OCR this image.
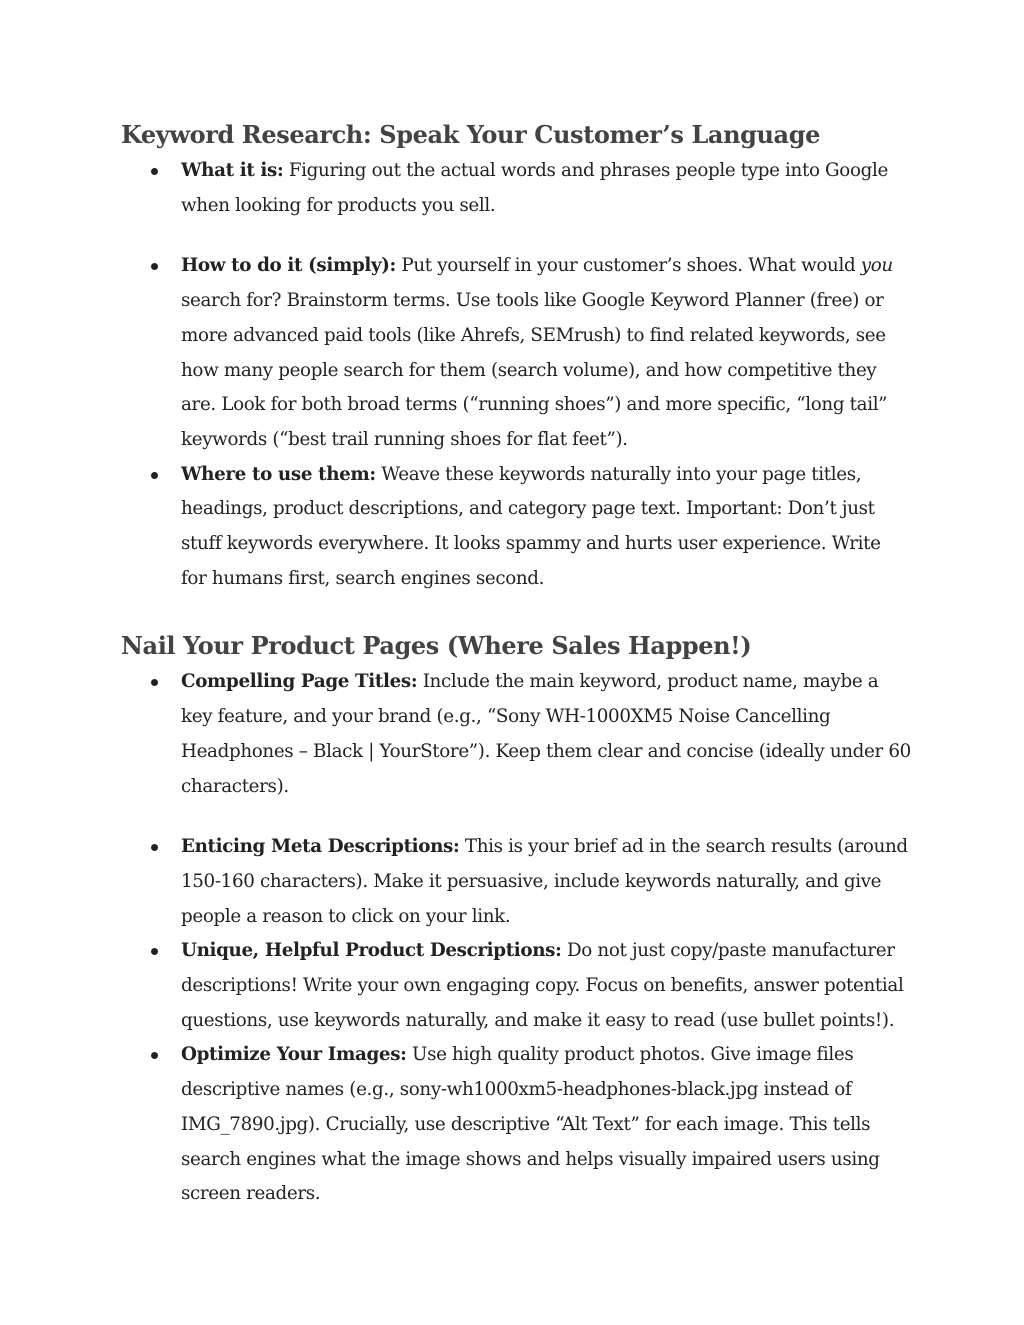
Keyword Research: Speak Your Customer’s Language
What it is: Figuring out the actual words and phrases people type into Google when looking for products you sell.
How to do it (simply): Put yourself in your customer’s shoes. What would you search for? Brainstorm terms. Use tools like Google Keyword Planner (free) or more advanced paid tools (like Ahrefs, SEMrush) to find related keywords, see how many people search for them (search volume), and how competitive they are. Look for both broad terms (“running shoes”) and more specific, “long tail” keywords (“best trail running shoes for flat feet”).
Where to use them: Weave these keywords naturally into your page titles, headings, product descriptions, and category page text. Important: Don’t just stuff keywords everywhere. It looks spammy and hurts user experience. Write for humans first, search engines second.
Nail Your Product Pages (Where Sales Happen!)
Compelling Page Titles: Include the main keyword, product name, maybe a key feature, and your brand (e.g., “Sony WH-1000XM5 Noise Cancelling Headphones – Black | YourStore”). Keep them clear and concise (ideally under 60 characters).
Enticing Meta Descriptions: This is your brief ad in the search results (around 150-160 characters). Make it persuasive, include keywords naturally, and give people a reason to click on your link.
Unique, Helpful Product Descriptions: Do not just copy/paste manufacturer descriptions! Write your own engaging copy. Focus on benefits, answer potential questions, use keywords naturally, and make it easy to read (use bullet points!).
Optimize Your Images: Use high quality product photos. Give image files descriptive names (e.g., sony-wh1000xm5-headphones-black.jpg instead of IMG_7890.jpg). Crucially, use descriptive “Alt Text” for each image. This tells search engines what the image shows and helps visually impaired users using screen readers.
